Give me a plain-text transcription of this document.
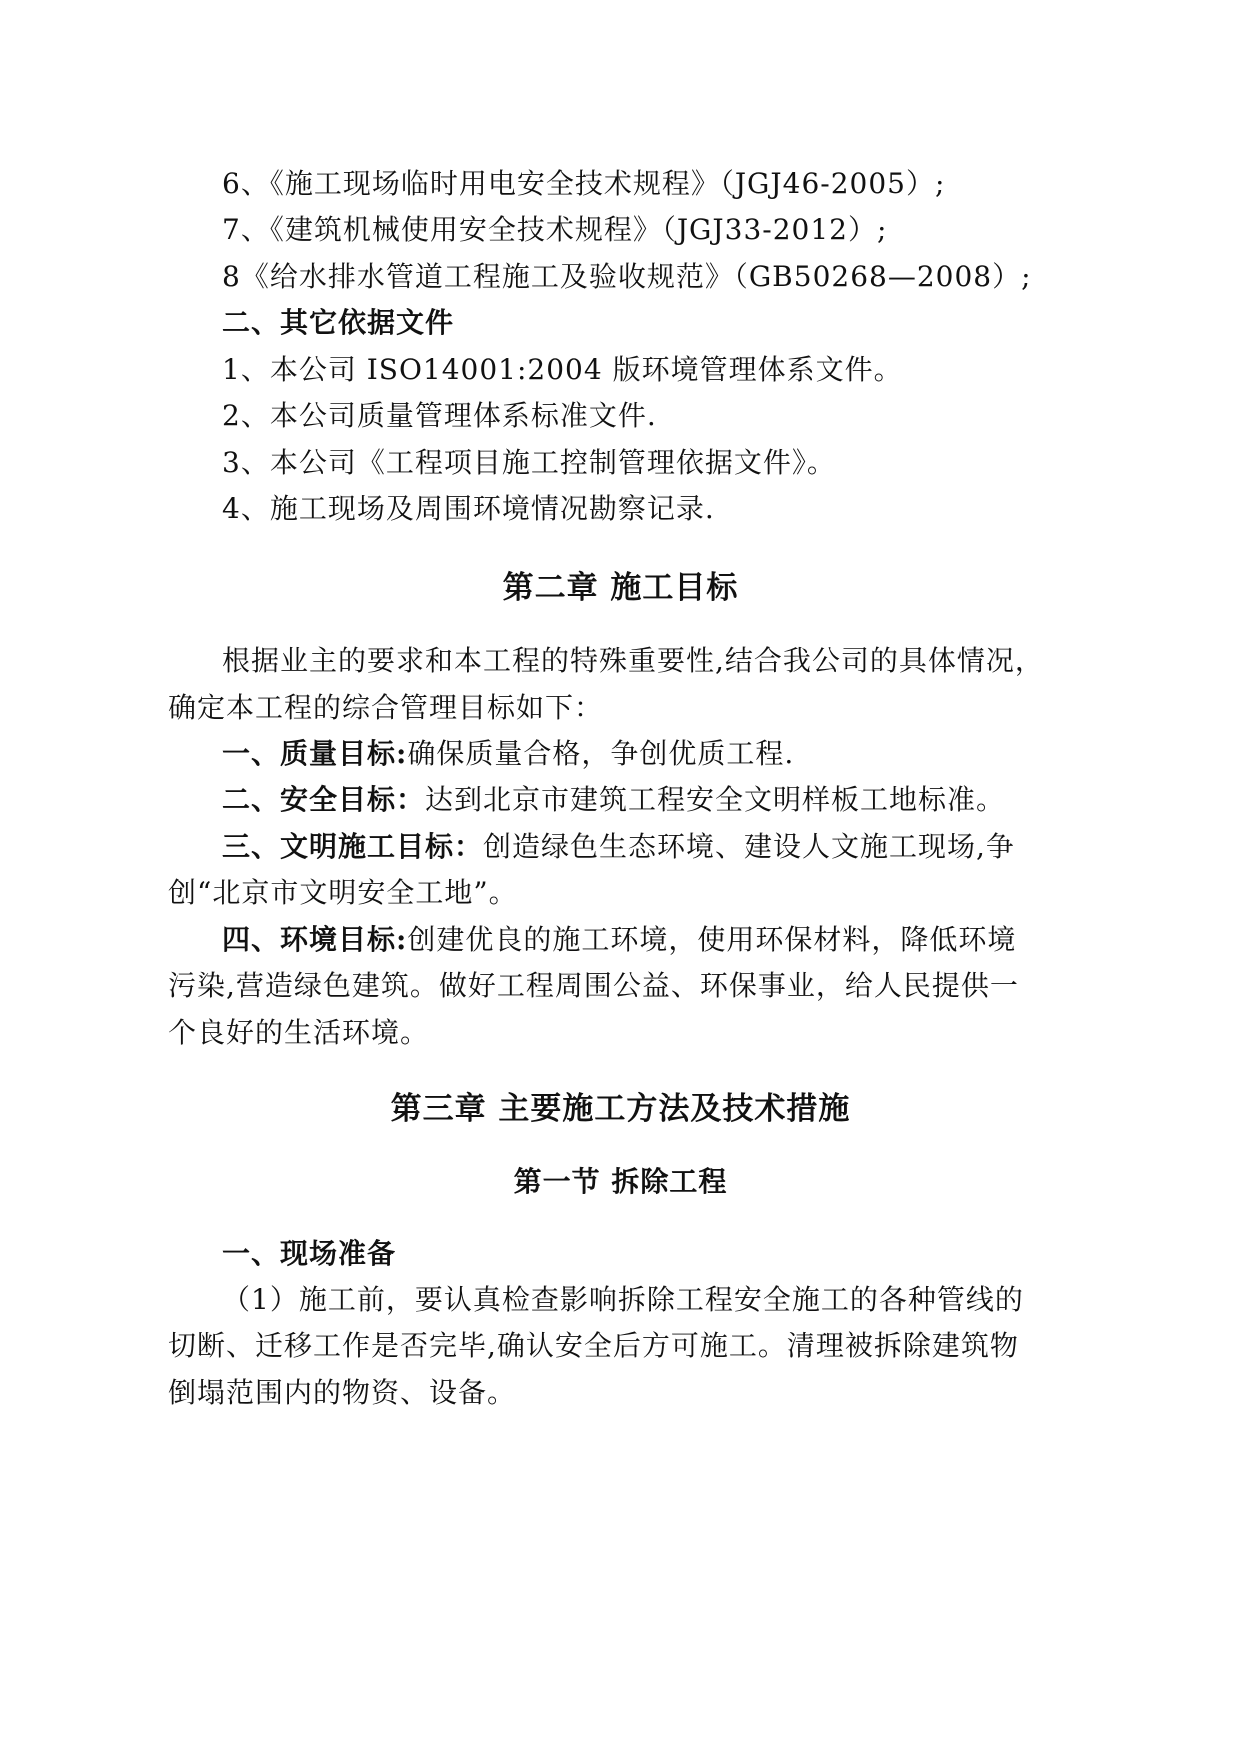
6、《施工现场临时用电安全技术规程》（JGJ46-2005）;
7、《建筑机械使用安全技术规程》（JGJ33-2012）;
8《给水排水管道工程施工及验收规范》（GB50268—2008）;
二、其它依据文件
1、本公司 ISO14001:2004 版环境管理体系文件。
2、本公司质量管理体系标准文件.
3、本公司《工程项目施工控制管理依据文件》。
4、施工现场及周围环境情况勘察记录.
第二章 施工目标
根据业主的要求和本工程的特殊重要性,结合我公司的具体情况，
确定本工程的综合管理目标如下：
一、质量目标:确保质量合格，争创优质工程.
二、安全目标：达到北京市建筑工程安全文明样板工地标准。
三、文明施工目标：创造绿色生态环境、建设人文施工现场,争
创“北京市文明安全工地”。
四、环境目标:创建优良的施工环境，使用环保材料，降低环境
污染,营造绿色建筑。做好工程周围公益、环保事业，给人民提供一
个良好的生活环境。
第三章 主要施工方法及技术措施
第一节 拆除工程
一、现场准备
（1）施工前，要认真检查影响拆除工程安全施工的各种管线的
切断、迁移工作是否完毕,确认安全后方可施工。清理被拆除建筑物
倒塌范围内的物资、设备。
